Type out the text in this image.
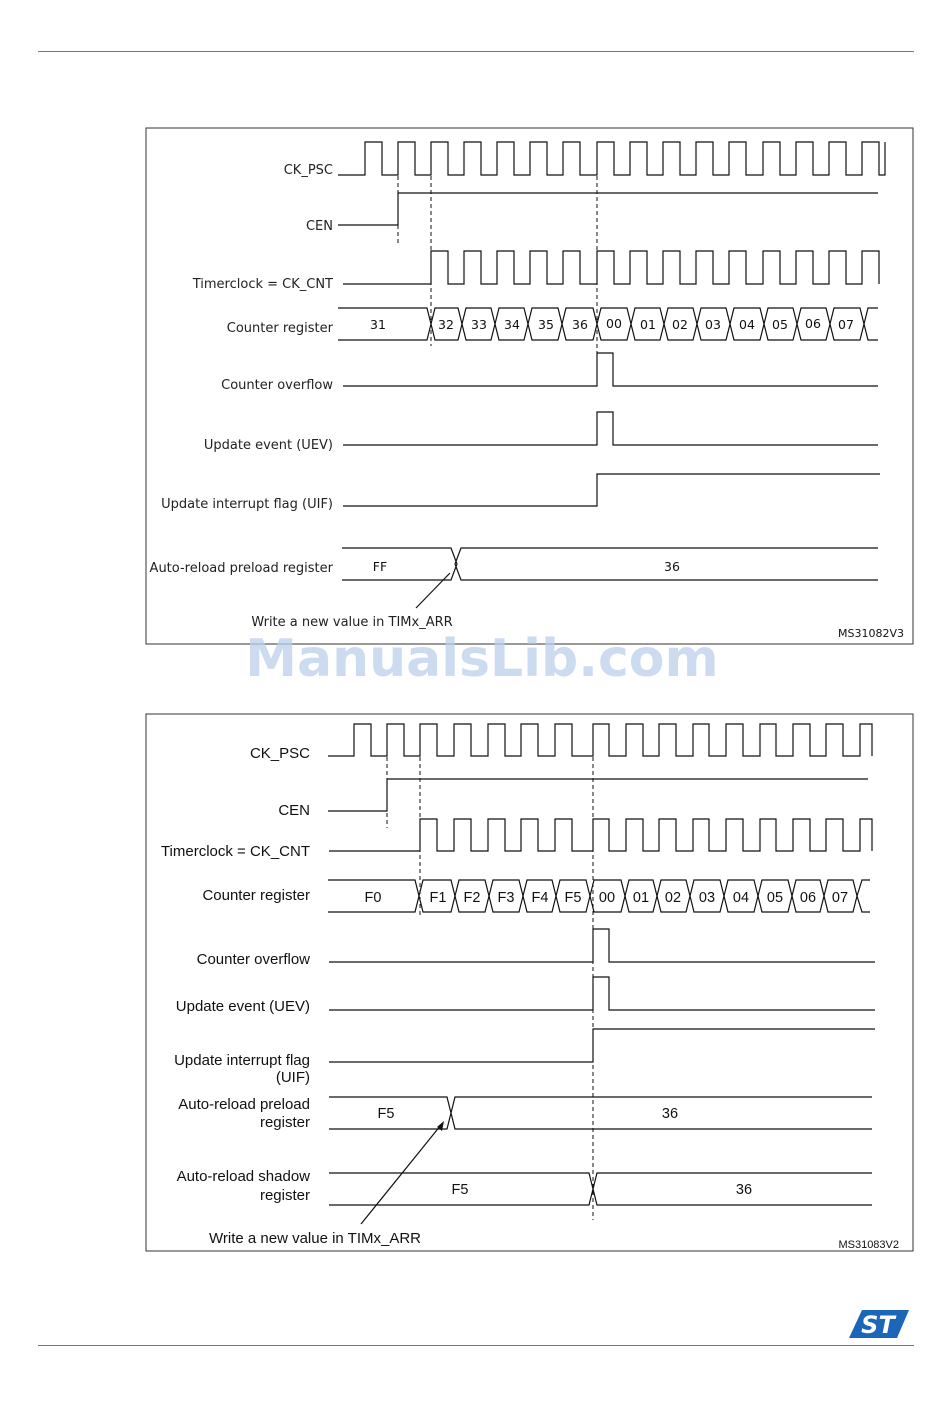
CK_PSC
CEN
Timerclock = CK_CNT
Counter register
Counter overflow
Update event (UEV)
Update interrupt flag (UIF)
Auto-reload preload register
31	32 33 34 35 36 00 01 02 03 04 05 06 07
FF	36
Write a new value in TIMx_ARR
MS31082V3
ManualsLib.com
CK_PSC
CEN
Timerclock = CK_CNT
Counter register
Counter overflow
Update event (UEV)
Update interrupt flag
(UIF)
Auto-reload preload
register
Auto-reload shadow
register
F0	F1 F2 F3 F4 F5 00 01 02 03 04 05 06 07
F5	36
F5	36
Write a new value in TIMx_ARR	MS31083V2
ST
